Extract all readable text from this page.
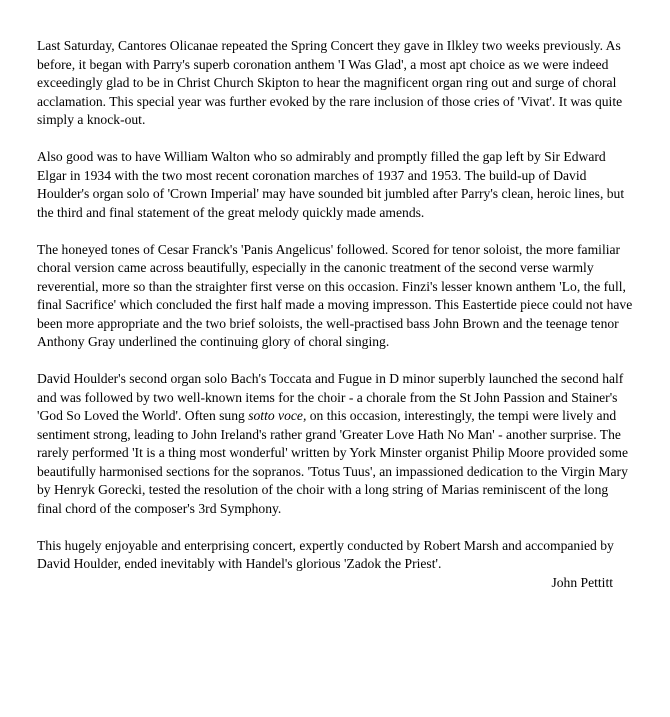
Last Saturday, Cantores Olicanae repeated the Spring Concert they gave in Ilkley two weeks previously. As before, it began with Parry's superb coronation anthem 'I Was Glad', a most apt choice as we were indeed exceedingly glad to be in Christ Church Skipton to hear the magnificent organ ring out and surge of choral acclamation. This special year was further evoked by the rare inclusion of those cries of 'Vivat'. It was quite simply a knock-out.

Also good was to have William Walton who so admirably and promptly filled the gap left by Sir Edward Elgar in 1934 with the two most recent coronation marches of 1937 and 1953. The build-up of David Houlder's organ solo of 'Crown Imperial' may have sounded bit jumbled after Parry's clean, heroic lines, but the third and final statement of the great melody quickly made amends.

The honeyed tones of Cesar Franck's 'Panis Angelicus' followed. Scored for tenor soloist, the more familiar choral version came across beautifully, especially in the canonic treatment of the second verse warmly reverential, more so than the straighter first verse on this occasion. Finzi's lesser known anthem 'Lo, the full, final Sacrifice' which concluded the first half made a moving impresson. This Eastertide piece could not have been more appropriate and the two brief soloists, the well-practised bass John Brown and the teenage tenor Anthony Gray underlined the continuing glory of choral singing.

David Houlder's second organ solo Bach's Toccata and Fugue in D minor superbly launched the second half and was followed by two well-known items for the choir - a chorale from the St John Passion and Stainer's 'God So Loved the World'. Often sung sotto voce, on this occasion, interestingly, the tempi were lively and sentiment strong, leading to John Ireland's rather grand 'Greater Love Hath No Man' - another surprise. The rarely performed 'It is a thing most wonderful' written by York Minster organist Philip Moore provided some beautifully harmonised sections for the sopranos. 'Totus Tuus', an impassioned dedication to the Virgin Mary by Henryk Gorecki, tested the resolution of the choir with a long string of Marias reminiscent of the long final chord of the composer's 3rd Symphony.

This hugely enjoyable and enterprising concert, expertly conducted by Robert Marsh and accompanied by David Houlder, ended inevitably with Handel's glorious 'Zadok the Priest'.

John Pettitt
